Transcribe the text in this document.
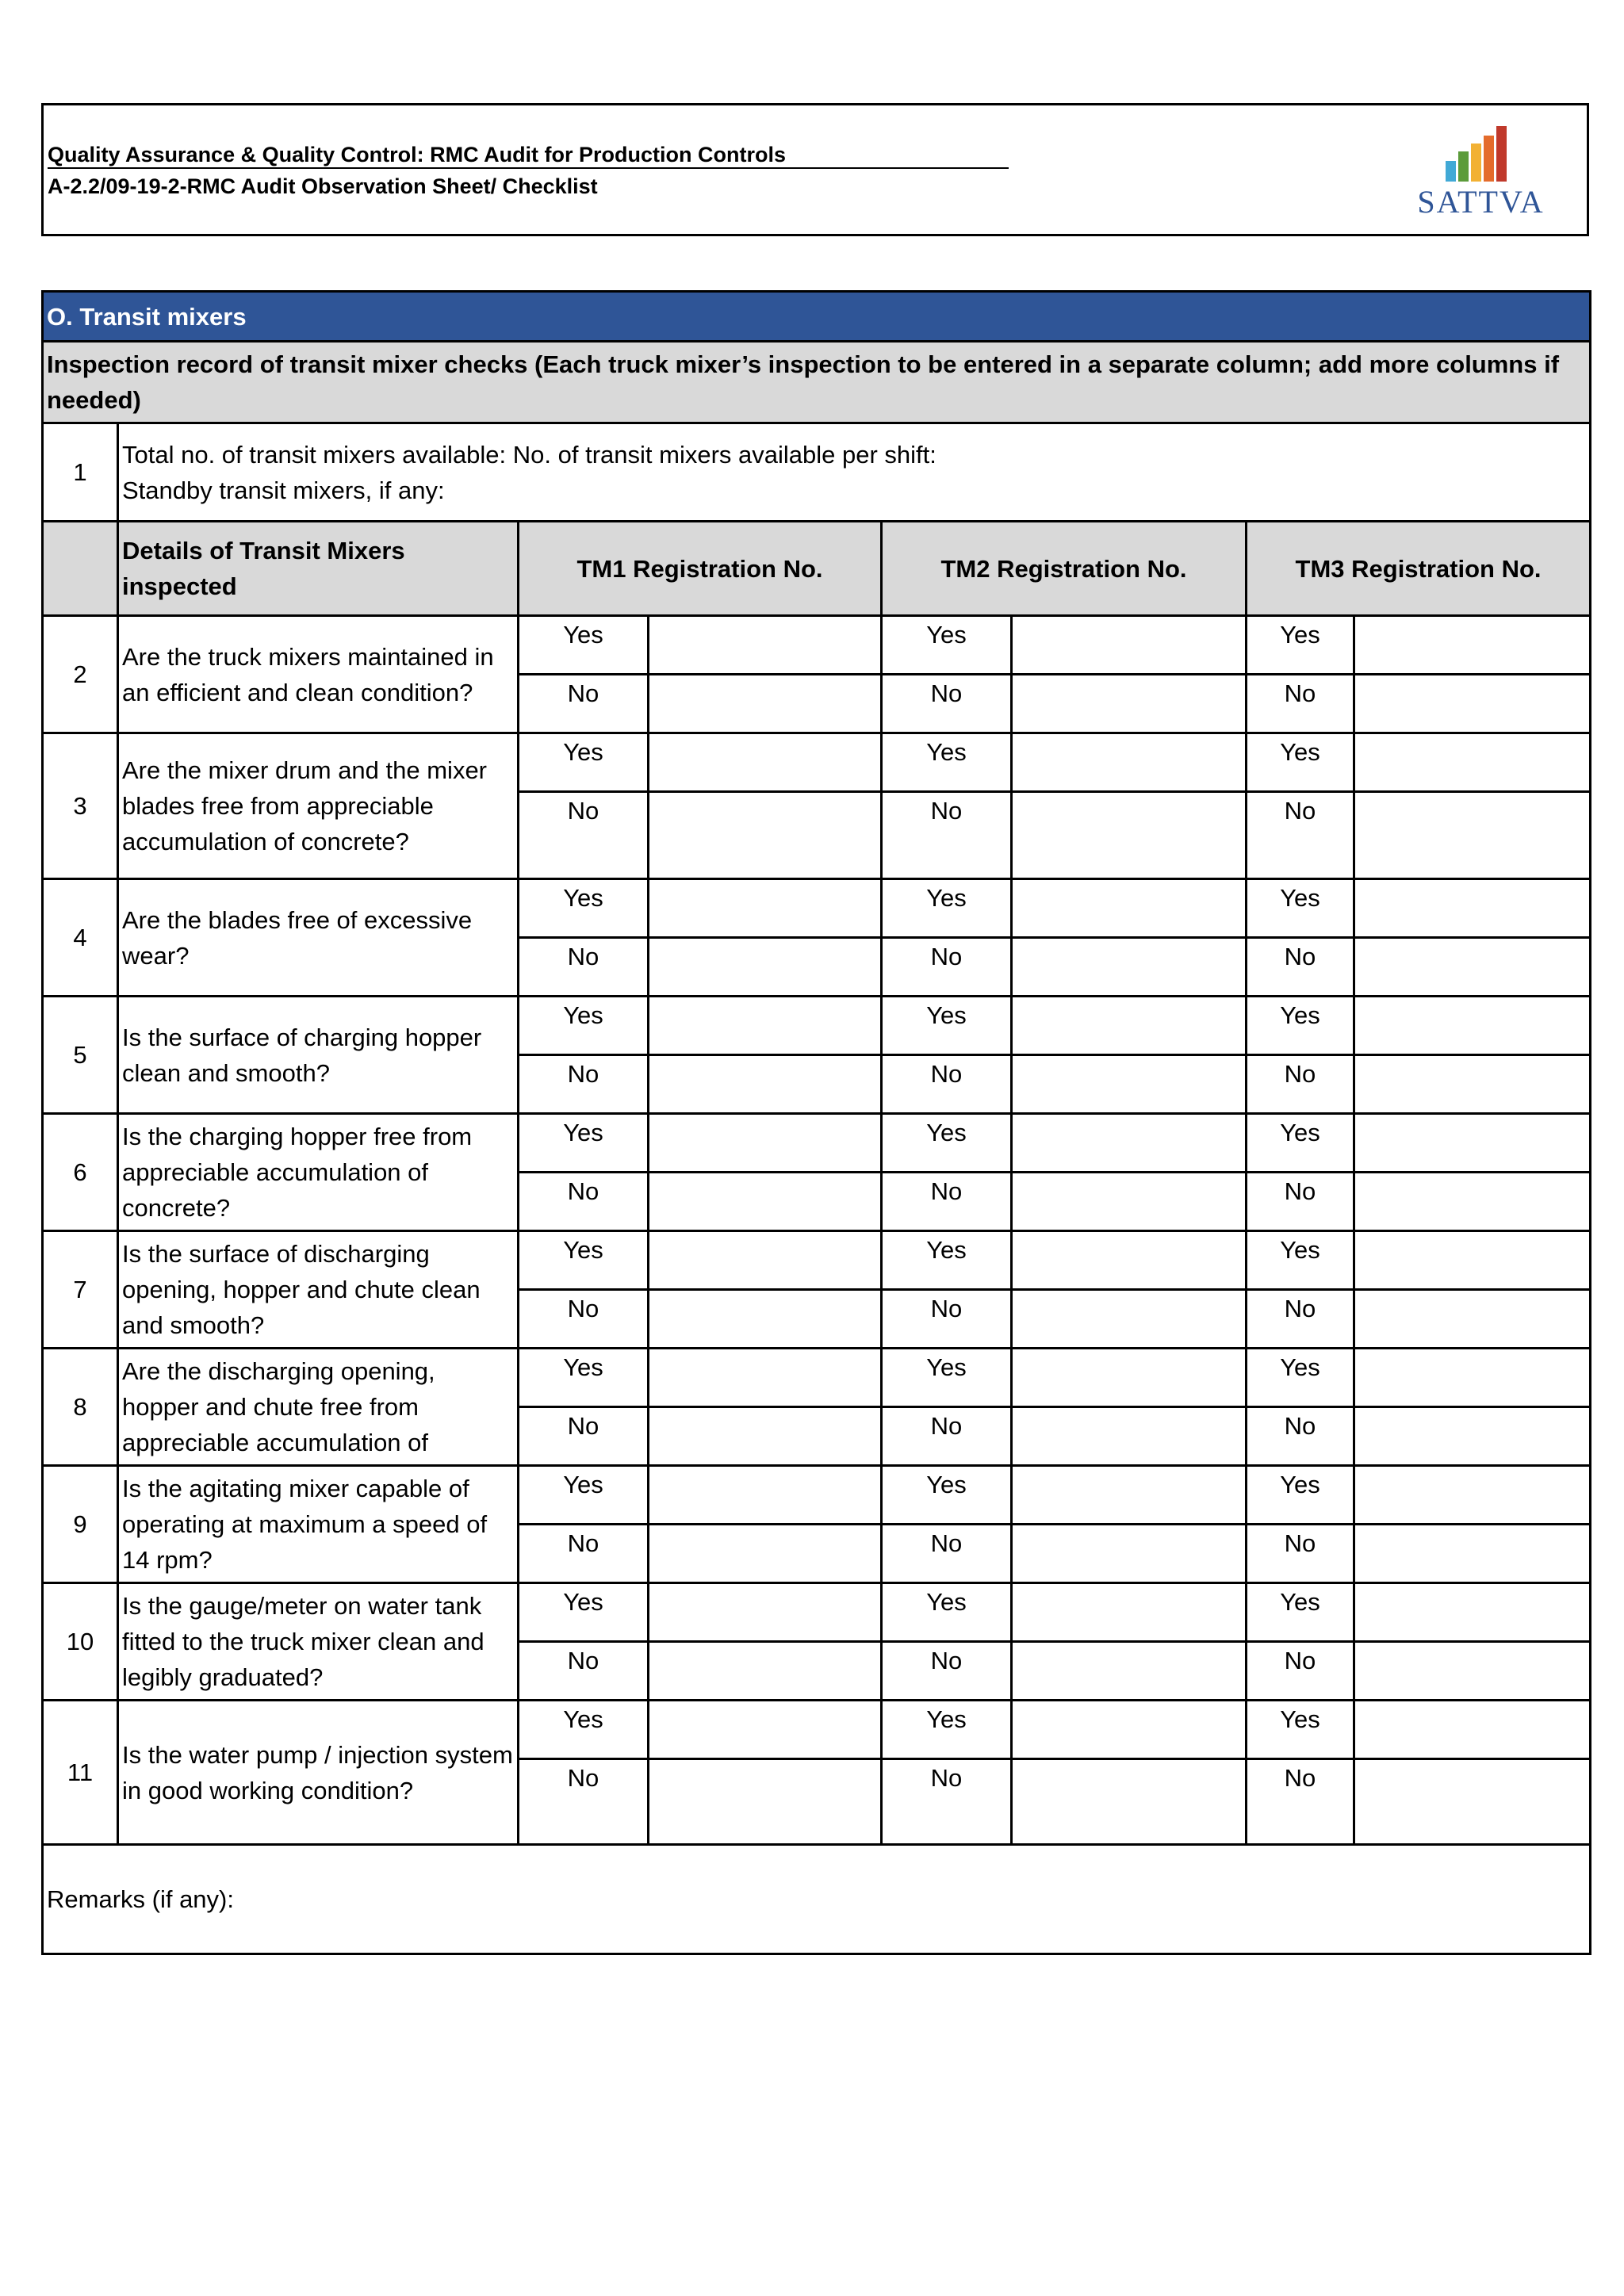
Quality Assurance & Quality Control: RMC Audit for Production Controls
A-2.2/09-19-2-RMC Audit Observation Sheet/ Checklist	SATTVA
O. Transit mixers							
Inspection record of transit mixer checks (Each truck mixer’s inspection to be entered in a separate column; add more columns if needed)							
1	Total no. of transit mixers available: No. of transit mixers available per shift:
Standby transit mixers, if any:						

	Details of Transit Mixers inspected	TM1 Registration No.		TM2 Registration No.		TM3 Registration No.	
2	Are the truck mixers maintained in an efficient and clean condition?	Yes		Yes		Yes	
		No		No		No	
3	Are the mixer drum and the mixer blades free from appreciable accumulation of concrete?	Yes		Yes		Yes	
		No		No		No	
4	Are the blades free of excessive wear?	Yes		Yes		Yes	
		No		No		No	
5	Is the surface of charging hopper clean and smooth?	Yes		Yes		Yes	
		No		No		No	
6	Is the charging hopper free from appreciable accumulation of concrete?	Yes		Yes		Yes	
		No		No		No	
7	Is the surface of discharging opening, hopper and chute clean and smooth?	Yes		Yes		Yes	
		No		No		No	
8	Are the discharging opening, hopper and chute free from appreciable accumulation of	Yes		Yes		Yes	
		No		No		No	
9	Is the agitating mixer capable of operating at maximum a speed of 14 rpm?	Yes		Yes		Yes	
		No		No		No	
10	Is the gauge/meter on water tank fitted to the truck mixer clean and legibly graduated?	Yes		Yes		Yes	
		No		No		No	
11	Is the water pump / injection system in good working condition?	Yes		Yes		Yes	
		No		No		No	
Remarks (if any):							
